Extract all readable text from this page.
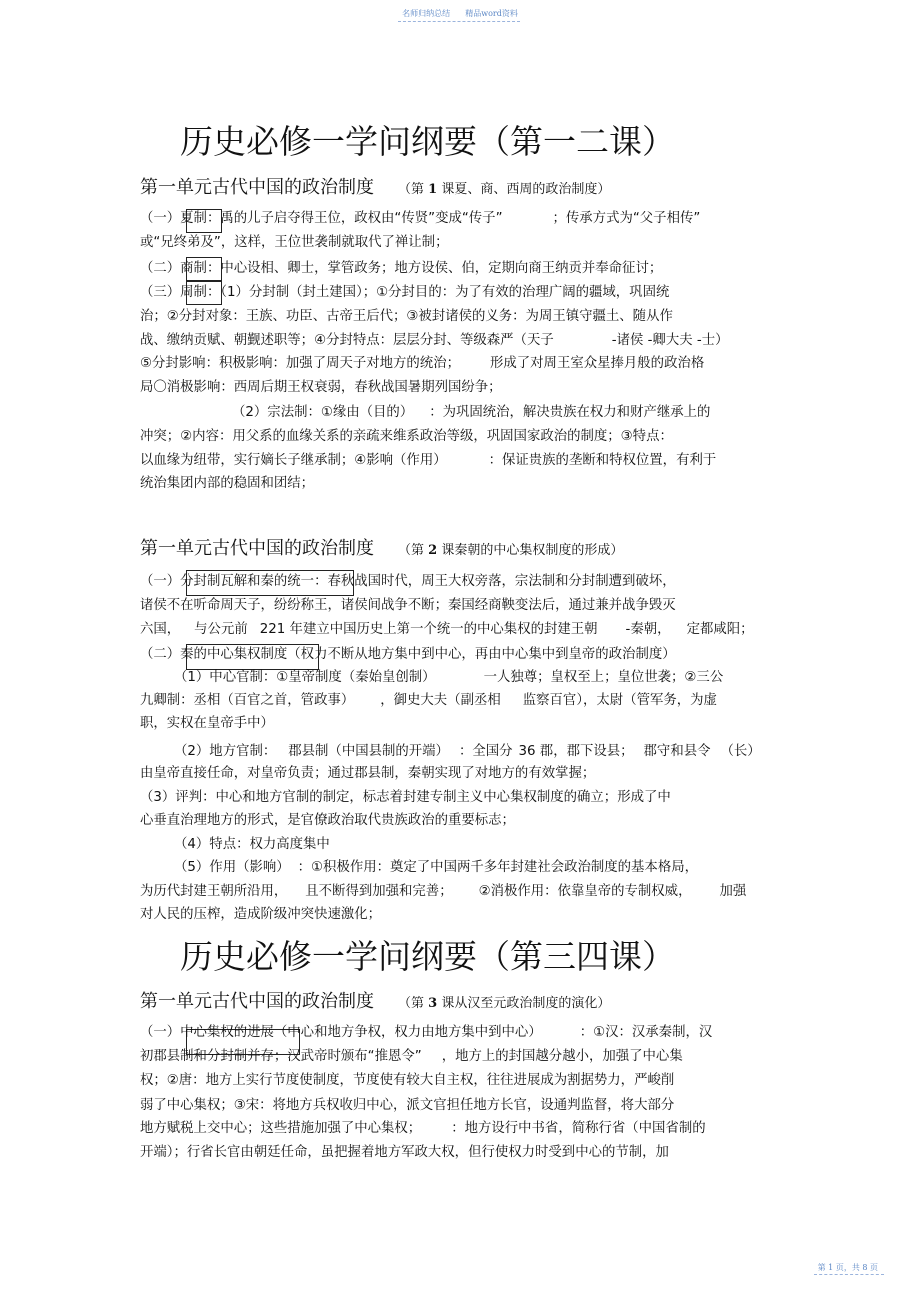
名师归纳总结 精品word资料
历史必修一学问纲要（第一二课）
第一单元古代中国的政治制度 （第 1 课夏、商、西周的政治制度）
（一）夏制：禹的儿子启夺得王位，政权由“传贤”变成“传子”	；传承方式为“父子相传”
或“兄终弟及”，这样，王位世袭制就取代了禅让制；
（二）商制：中心设相、卿士，掌管政务；地方设侯、伯，定期向商王纳贡并奉命征讨；
（三）周制：（1）分封制（封土建国）；①分封目的：为了有效的治理广阔的疆域，巩固统
治；②分封对象：王族、功臣、古帝王后代；③被封诸侯的义务：为周王镇守疆土、随从作
战、缴纳贡赋、朝觐述职等；④分封特点：层层分封、等级森严（天子	-诸侯 -卿大夫 -士）
⑤分封影响：积极影响：加强了周天子对地方的统治； 形成了对周王室众星捧月般的政治格
局〇消极影响：西周后期王权衰弱，春秋战国暑期列国纷争；
（2）宗法制：①缘由（目的） ：为巩固统治，解决贵族在权力和财产继承上的
冲突；②内容：用父系的血缘关系的亲疏来维系政治等级，巩固国家政治的制度；③特点：
以血缘为纽带，实行嫡长子继承制；④影响（作用）	：保证贵族的垄断和特权位置，有利于
统治集团内部的稳固和团结；
第一单元古代中国的政治制度 （第 2 课秦朝的中心集权制度的形成）
（一）分封制瓦解和秦的统一：春秋战国时代，周王大权旁落，宗法制和分封制遭到破坏，
诸侯不在听命周天子，纷纷称王，诸侯间战争不断；秦国经商鞅变法后，通过兼并战争毁灭
六国， 与公元前 221 年建立中国历史上第一个统一的中心集权的封建王朝 -秦朝， 定都咸阳；
（二）秦的中心集权制度（权力不断从地方集中到中心，再由中心集中到皇帝的政治制度）
（1）中心官制：①皇帝制度（秦始皇创制）	一人独尊；皇权至上；皇位世袭；②三公
九卿制：丞相（百官之首，管政事） ，御史大夫（副丞相 监察百官），太尉（管军务，为虚
职，实权在皇帝手中）
（2）地方官制： 郡县制（中国县制的开端） ：全国分 36 郡，郡下设县； 郡守和县令 （长）
由皇帝直接任命，对皇帝负责；通过郡县制，秦朝实现了对地方的有效掌握；
（3）评判：中心和地方官制的制定，标志着封建专制主义中心集权制度的确立；形成了中
心垂直治理地方的形式，是官僚政治取代贵族政治的重要标志；
（4）特点：权力高度集中
（5）作用（影响） ：①积极作用：奠定了中国两千多年封建社会政治制度的基本格局，
为历代封建王朝所沿用， 且不断得到加强和完善； ②消极作用：依靠皇帝的专制权威， 加强
对人民的压榨，造成阶级冲突快速激化；
历史必修一学问纲要（第三四课）
第一单元古代中国的政治制度 （第 3 课从汉至元政治制度的演化）
（一）中心集权的进展（中心和地方争权，权力由地方集中到中心）	：①汉：汉承秦制，汉
初郡县制和分封制并存；汉武帝时颁布“推恩令” ，地方上的封国越分越小，加强了中心集
权；②唐：地方上实行节度使制度，节度使有较大自主权，往往进展成为割据势力，严峻削
弱了中心集权；③宋：将地方兵权收归中心，派文官担任地方长官，设通判监督，将大部分
地方赋税上交中心；这些措施加强了中心集权； ：地方设行中书省，简称行省（中国省制的
开端）；行省长官由朝廷任命，虽把握着地方军政大权，但行使权力时受到中心的节制，加
第 1 页，共 8 页
